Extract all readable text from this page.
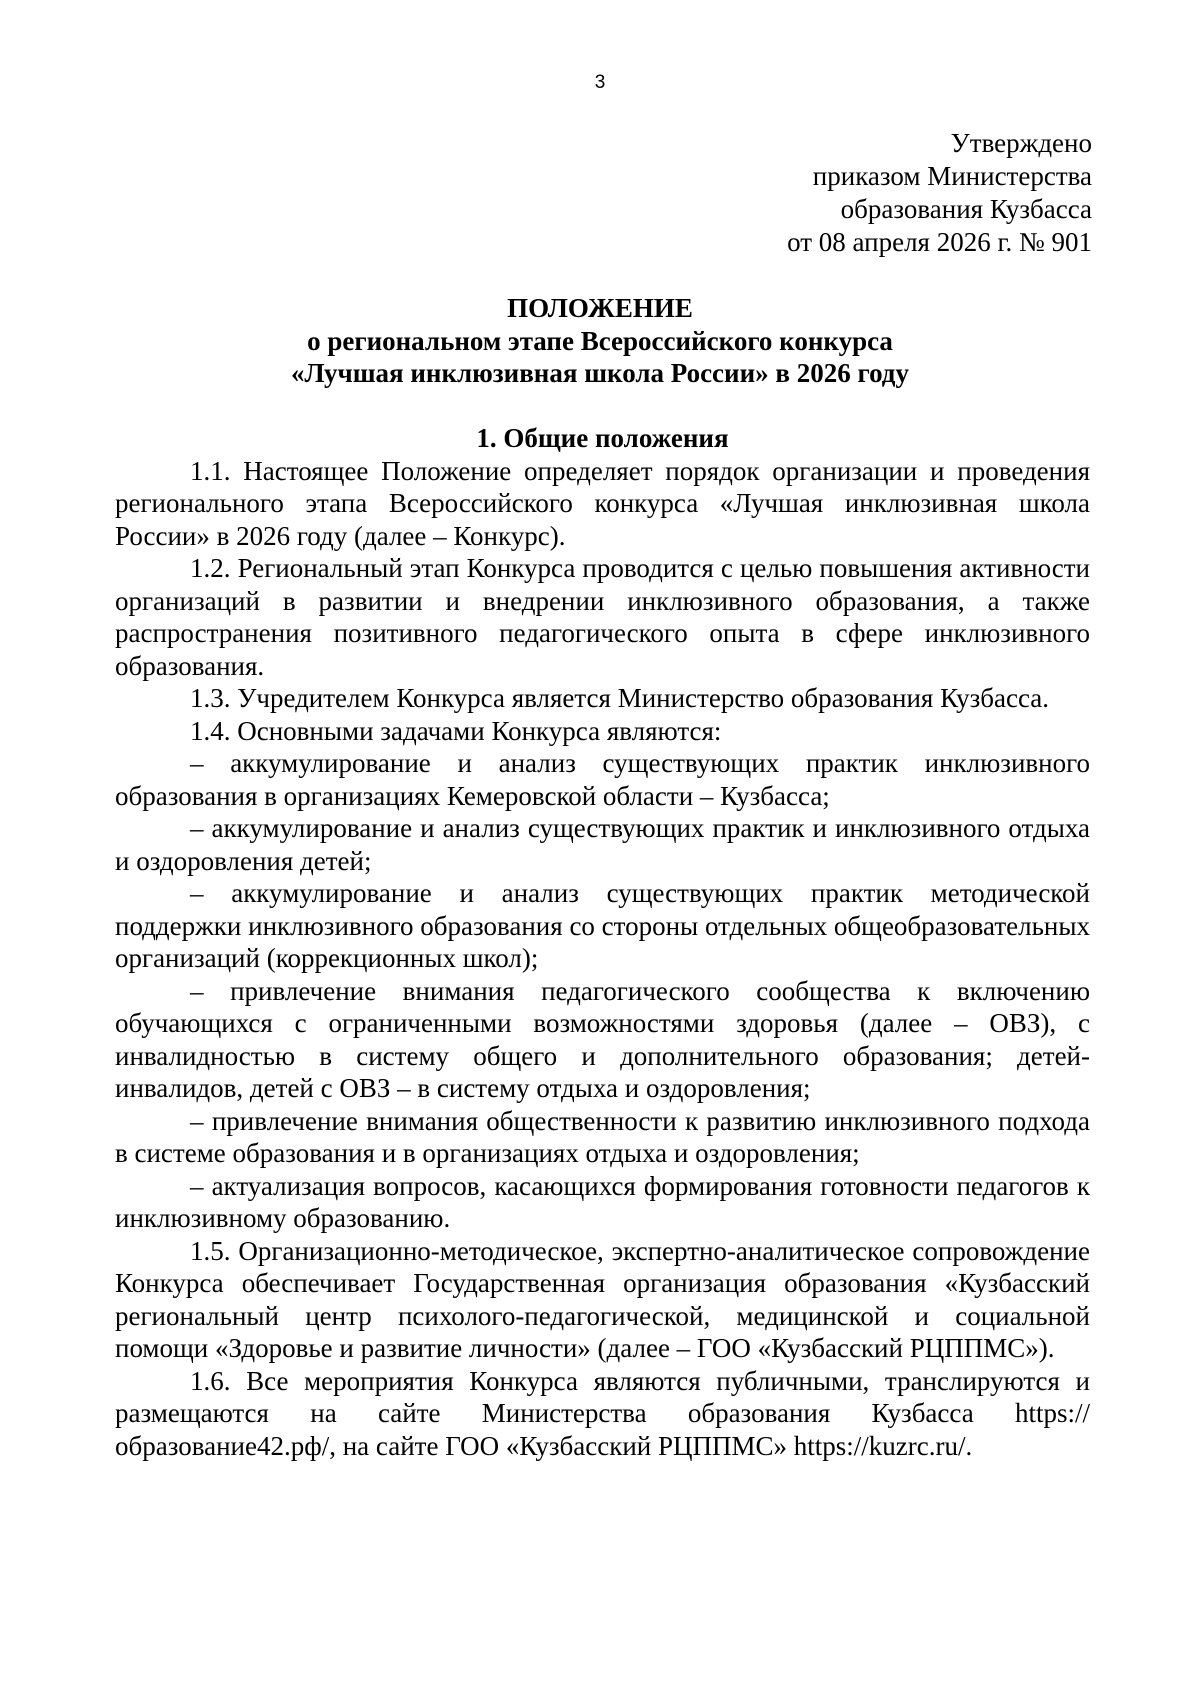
3
Утверждено
приказом Министерства
образования Кузбасса
от 08 апреля 2026 г. № 901
ПОЛОЖЕНИЕ
о региональном этапе Всероссийского конкурса
«Лучшая инклюзивная школа России» в 2026 году

1. Общие положения

1.1. Настоящее Положение определяет порядок организации и проведения регионального этапа Всероссийского конкурса «Лучшая инклюзивная школа России» в 2026 году (далее – Конкурс).

1.2. Региональный этап Конкурса проводится с целью повышения активности организаций в развитии и внедрении инклюзивного образования, а также распространения позитивного педагогического опыта в сфере инклюзивного образования.

1.3. Учредителем Конкурса является Министерство образования Кузбасса.

1.4. Основными задачами Конкурса являются:

– аккумулирование и анализ существующих практик инклюзивного образования в организациях Кемеровской области – Кузбасса;

– аккумулирование и анализ существующих практик и инклюзивного отдыха и оздоровления детей;

– аккумулирование и анализ существующих практик методической поддержки инклюзивного образования со стороны отдельных общеобразовательных организаций (коррекционных школ);

– привлечение внимания педагогического сообщества к включению обучающихся с ограниченными возможностями здоровья (далее – ОВЗ), с инвалидностью в систему общего и дополнительного образования; детей-инвалидов, детей с ОВЗ – в систему отдыха и оздоровления;

– привлечение внимания общественности к развитию инклюзивного подхода в системе образования и в организациях отдыха и оздоровления;

– актуализация вопросов, касающихся формирования готовности педагогов к инклюзивному образованию.

1.5. Организационно-методическое, экспертно-аналитическое сопровождение Конкурса обеспечивает Государственная организация образования «Кузбасский региональный центр психолого-педагогической, медицинской и социальной помощи «Здоровье и развитие личности» (далее – ГОО «Кузбасский РЦППМС»).

1.6. Все мероприятия Конкурса являются публичными, транслируются и размещаются на сайте Министерства образования Кузбасса https://образование42.рф/, на сайте ГОО «Кузбасский РЦППМС» https://kuzrc.ru/.
